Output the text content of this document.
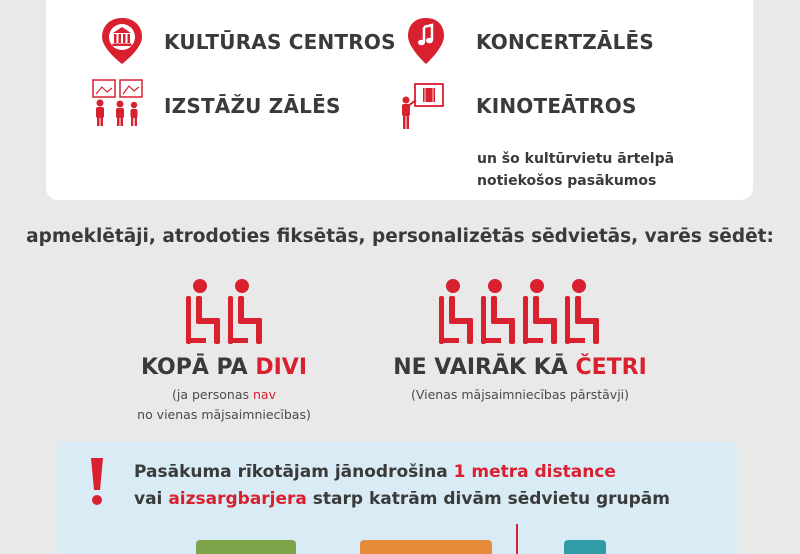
KULTŪRAS CENTROS	KONCERTZĀLĒS
IZSTĀŽU ZĀLĒS	KINOTEĀTROS
un šo kultūrvietu ārtelpā
notiekošos pasākumos
apmeklētāji, atrodoties fiksētās, personalizētās sēdvietās, varēs sēdēt:
KOPĀ PA DIVI
(ja personas nav
no vienas mājsaimniecības)
NE VAIRĀK KĀ ČETRI
(Vienas mājsaimniecības pārstāvji)
Pasākuma rīkotājam jānodrošina 1 metra distance
vai aizsargbarjera starp katrām divām sēdvietu grupām
